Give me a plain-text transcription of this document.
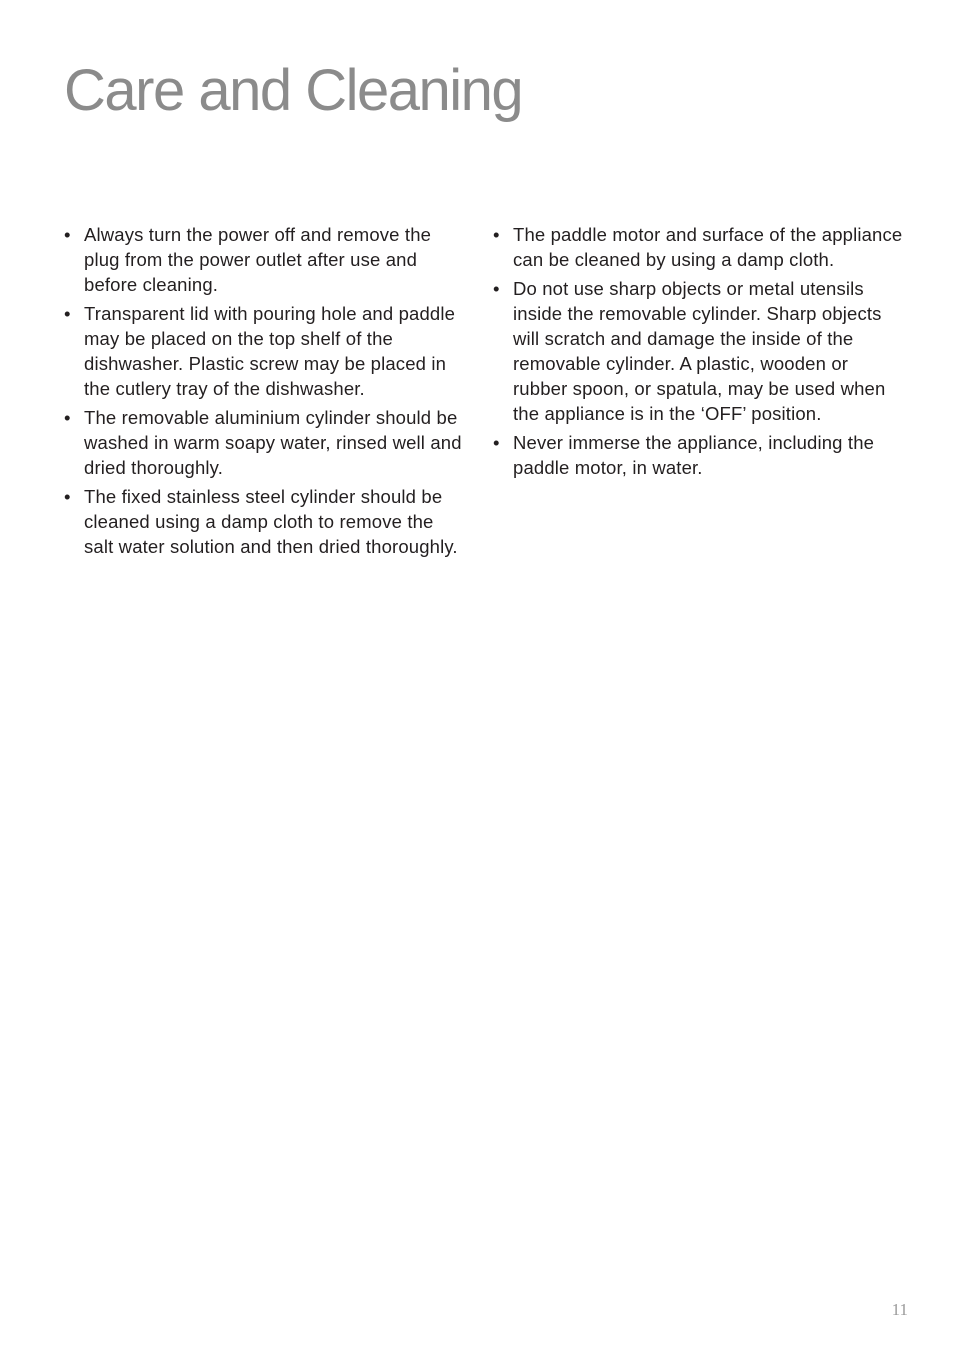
Care and Cleaning
• Always turn the power off and remove the plug from the power outlet after use and before cleaning.
• Transparent lid with pouring hole and paddle may be placed on the top shelf of the dishwasher. Plastic screw may be placed in the cutlery tray of the dishwasher.
• The removable aluminium cylinder should be washed in warm soapy water, rinsed well and dried thoroughly.
• The fixed stainless steel cylinder should be cleaned using a damp cloth to remove the salt water solution and then dried thoroughly.
• The paddle motor and surface of the appliance can be cleaned by using a damp cloth.
• Do not use sharp objects or metal utensils inside the removable cylinder. Sharp objects will scratch and damage the inside of the removable cylinder. A plastic, wooden or rubber spoon, or spatula, may be used when the appliance is in the ‘OFF’ position.
• Never immerse the appliance, including the paddle motor, in water.
11
